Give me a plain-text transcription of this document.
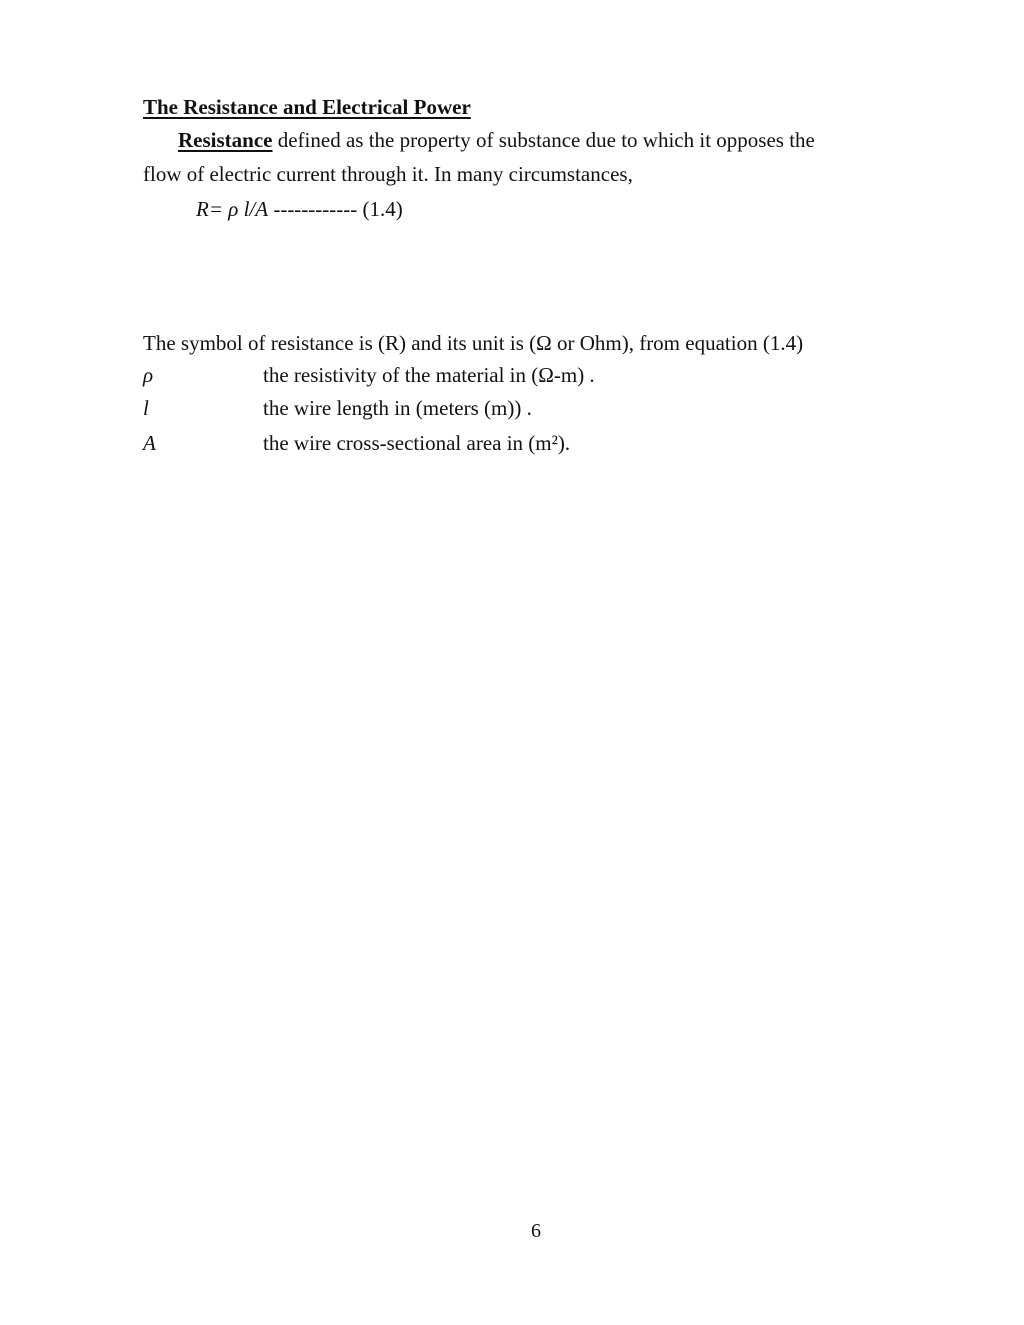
The Resistance and Electrical Power
Resistance defined as the property of substance due to which it opposes the
flow of electric current through it. In many circumstances,
R= ρ l/A ------------ (1.4)
The symbol of resistance is (R) and its unit is (Ω or Ohm), from equation (1.4)
ρ	the resistivity of the material in (Ω-m) .
l	the wire length in (meters (m)) .
A	the wire cross-sectional area in (m²).
6
